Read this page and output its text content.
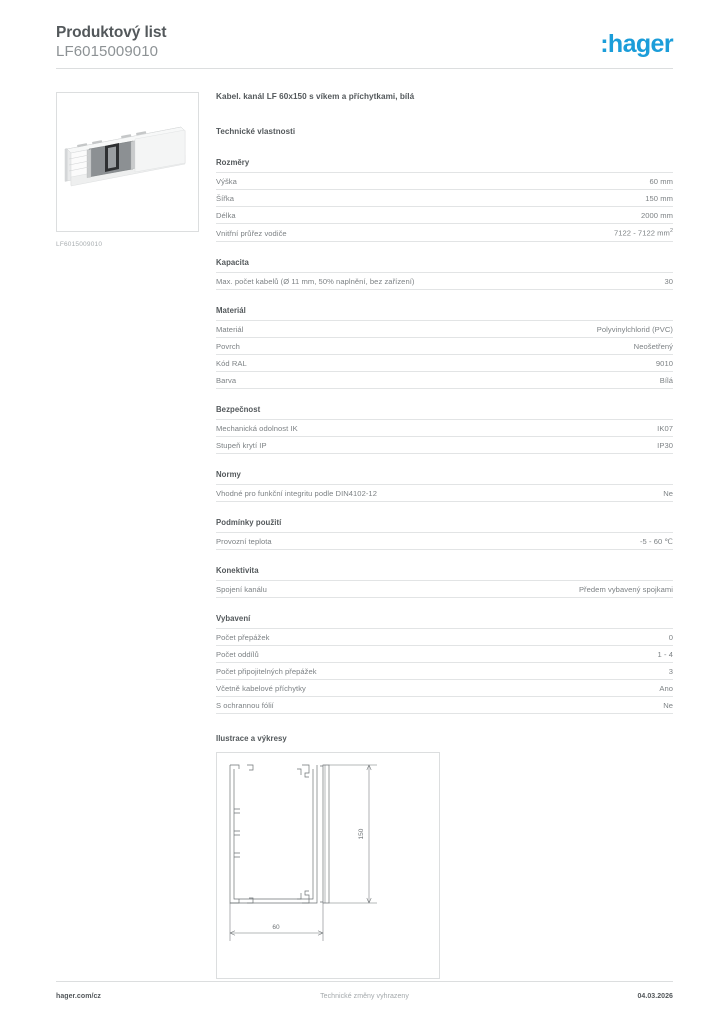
Produktový list
LF6015009010	:hager
LF6015009010
Kabel. kanál LF 60x150 s víkem a příchytkami, bílá
Technické vlastnosti
Rozměry
Výška	60 mm
Šířka	150 mm
Délka	2000 mm
Vnitřní průřez vodiče	7122 - 7122 $mm^2$
Kapacita
Max. počet kabelů (Ø 11 mm, 50% naplnění, bez zařízení)	30
Materiál
Materiál	Polyvinylchlorid (PVC)
Povrch	Neošetřený
Kód RAL	9010
Barva	Bílá
Bezpečnost
Mechanická odolnost IK	IK07
Stupeň krytí IP	IP30
Normy
Vhodné pro funkční integritu podle DIN4102-12	Ne
Podmínky použití
Provozní teplota	-5 - 60 ℃
Konektivita
Spojení kanálu	Předem vybavený spojkami
Vybavení
Počet přepážek	0
Počet oddílů	1 - 4
Počet připojitelných přepážek	3
Včetně kabelové příchytky	Ano
S ochrannou fólií	Ne
Ilustrace a výkresy
150
60
hager.com/cz	Technické změny vyhrazeny	04.03.2026
